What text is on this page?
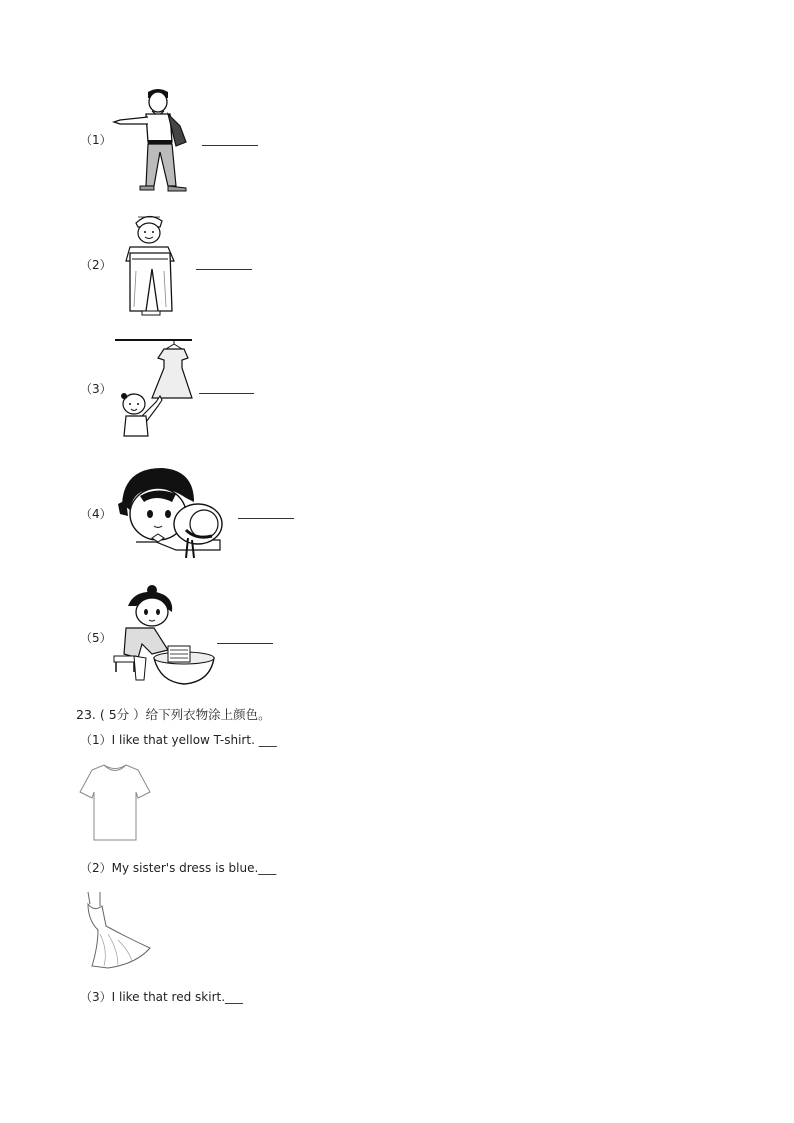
（1）
（2）
（3）
（4）
（5）
23. ( 5分 ）给下列衣物涂上颜色。
（1）I like that yellow T-shirt. ___
（2）My sister's dress is blue.___
（3）I like that red skirt.___
